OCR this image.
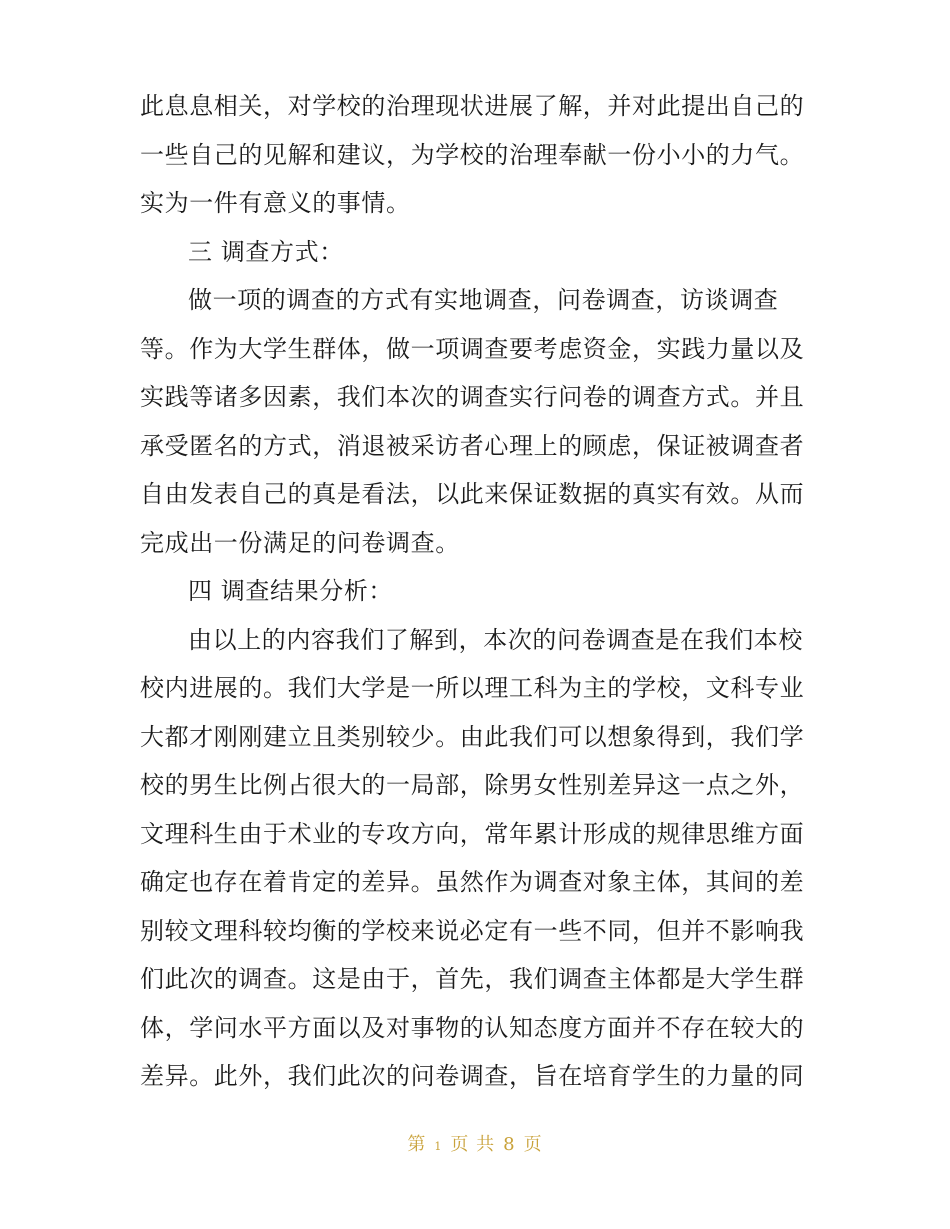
此息息相关，对学校的治理现状进展了解，并对此提出自己的
一些自己的见解和建议，为学校的治理奉献一份小小的力气。
实为一件有意义的事情。
三 调查方式：
做一项的调查的方式有实地调查，问卷调查，访谈调查
等。作为大学生群体，做一项调查要考虑资金，实践力量以及
实践等诸多因素，我们本次的调查实行问卷的调查方式。并且
承受匿名的方式，消退被采访者心理上的顾虑，保证被调查者
自由发表自己的真是看法，以此来保证数据的真实有效。从而
完成出一份满足的问卷调查。
四 调查结果分析：
由以上的内容我们了解到，本次的问卷调查是在我们本校
校内进展的。我们大学是一所以理工科为主的学校，文科专业
大都才刚刚建立且类别较少。由此我们可以想象得到，我们学
校的男生比例占很大的一局部，除男女性别差异这一点之外，
文理科生由于术业的专攻方向，常年累计形成的规律思维方面
确定也存在着肯定的差异。虽然作为调查对象主体，其间的差
别较文理科较均衡的学校来说必定有一些不同，但并不影响我
们此次的调查。这是由于，首先，我们调查主体都是大学生群
体，学问水平方面以及对事物的认知态度方面并不存在较大的
差异。此外，我们此次的问卷调查，旨在培育学生的力量的同
第 1 页 共 8 页
